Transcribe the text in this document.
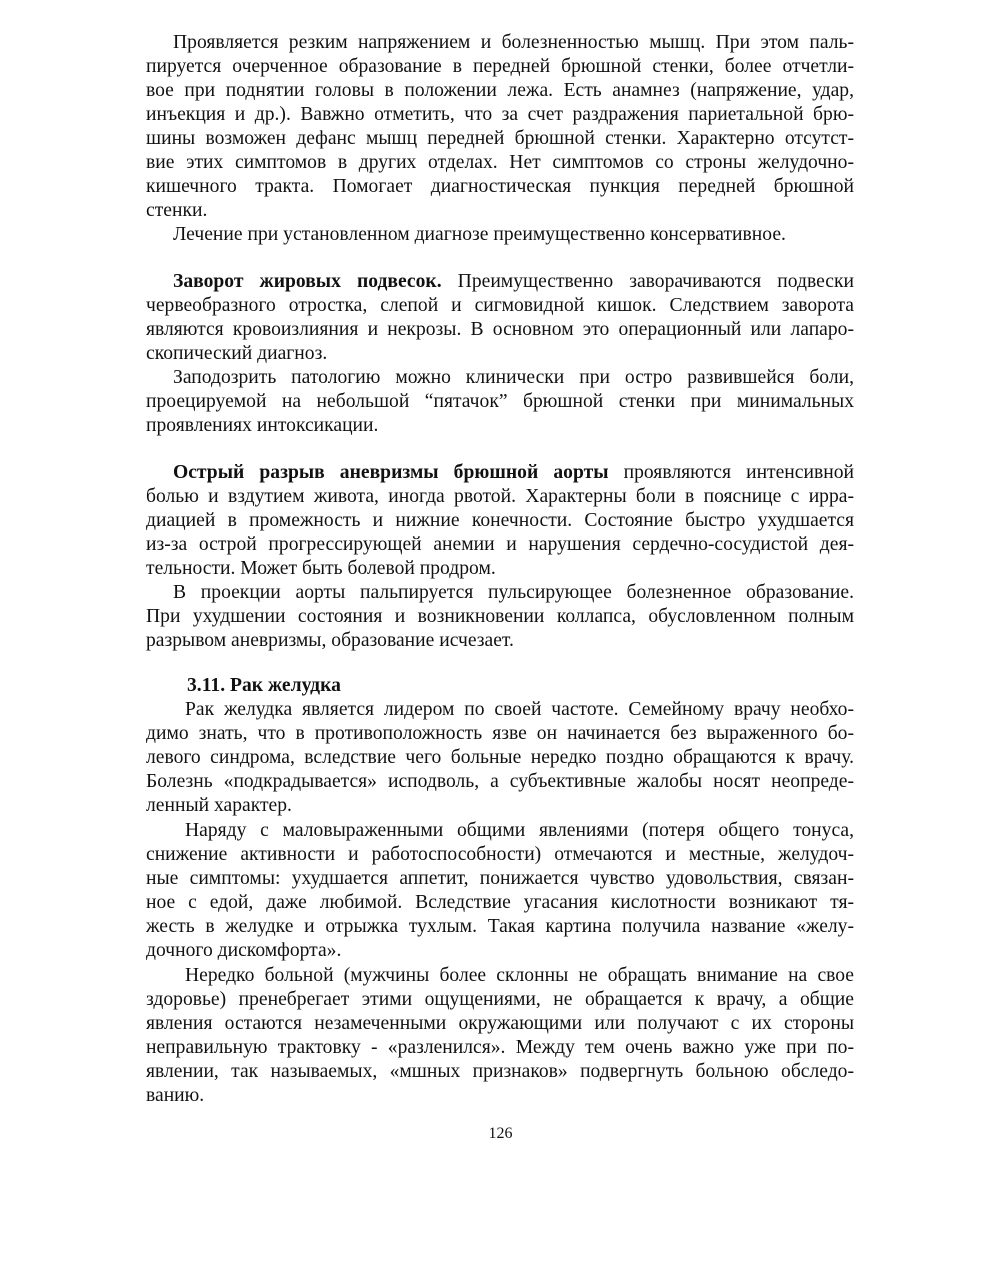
Проявляется резким напряжением и болезненностью мышц. При этом паль-
пируется очерченное образование в передней брюшной стенки, более отчетли-
вое при поднятии головы в положении лежа. Есть анамнез (напряжение, удар,
инъекция и др.). Вавжно отметить, что за счет раздражения париетальной брю-
шины возможен дефанс мышц передней брюшной стенки. Характерно отсутст-
вие этих симптомов в других отделах. Нет симптомов со строны желудочно-
кишечного тракта. Помогает диагностическая пункция передней брюшной
стенки.
Лечение при установленном диагнозе преимущественно консервативное.
Заворот жировых подвесок. Преимущественно заворачиваются подвески
червеобразного отростка, слепой и сигмовидной кишок. Следствием заворота
являются кровоизлияния и некрозы. В основном это операционный или лапаро-
скопический диагноз.
Заподозрить патологию можно клинически при остро развившейся боли,
проецируемой на небольшой “пятачок” брюшной стенки при минимальных
проявлениях интоксикации.
Острый разрыв аневризмы брюшной аорты проявляются интенсивной
болью и вздутием живота, иногда рвотой. Характерны боли в пояснице с ирра-
диацией в промежность и нижние конечности. Состояние быстро ухудшается
из-за острой прогрессирующей анемии и нарушения сердечно-сосудистой дея-
тельности. Может быть болевой продром.
В проекции аорты пальпируется пульсирующее болезненное образование.
При ухудшении состояния и возникновении коллапса, обусловленном полным
разрывом аневризмы, образование исчезает.
3.11. Рак желудка
Рак желудка является лидером по своей частоте. Семейному врачу необхо-
димо знать, что в противоположность язве он начинается без выраженного бо-
левого синдрома, вследствие чего больные нередко поздно обращаются к врачу.
Болезнь «подкрадывается» исподволь, а субъективные жалобы носят неопреде-
ленный характер.
Наряду с маловыраженными общими явлениями (потеря общего тонуса,
снижение активности и работоспособности) отмечаются и местные, желудоч-
ные симптомы: ухудшается аппетит, понижается чувство удовольствия, связан-
ное с едой, даже любимой. Вследствие угасания кислотности возникают тя-
жесть в желудке и отрыжка тухлым. Такая картина получила название «желу-
дочного дискомфорта».
Нередко больной (мужчины более склонны не обращать внимание на свое
здоровье) пренебрегает этими ощущениями, не обращается к врачу, а общие
явления остаются незамеченными окружающими или получают с их стороны
неправильную трактовку - «разленился». Между тем очень важно уже при по-
явлении, так называемых, «мшных признаков» подвергнуть больною обследо-
ванию.
126
